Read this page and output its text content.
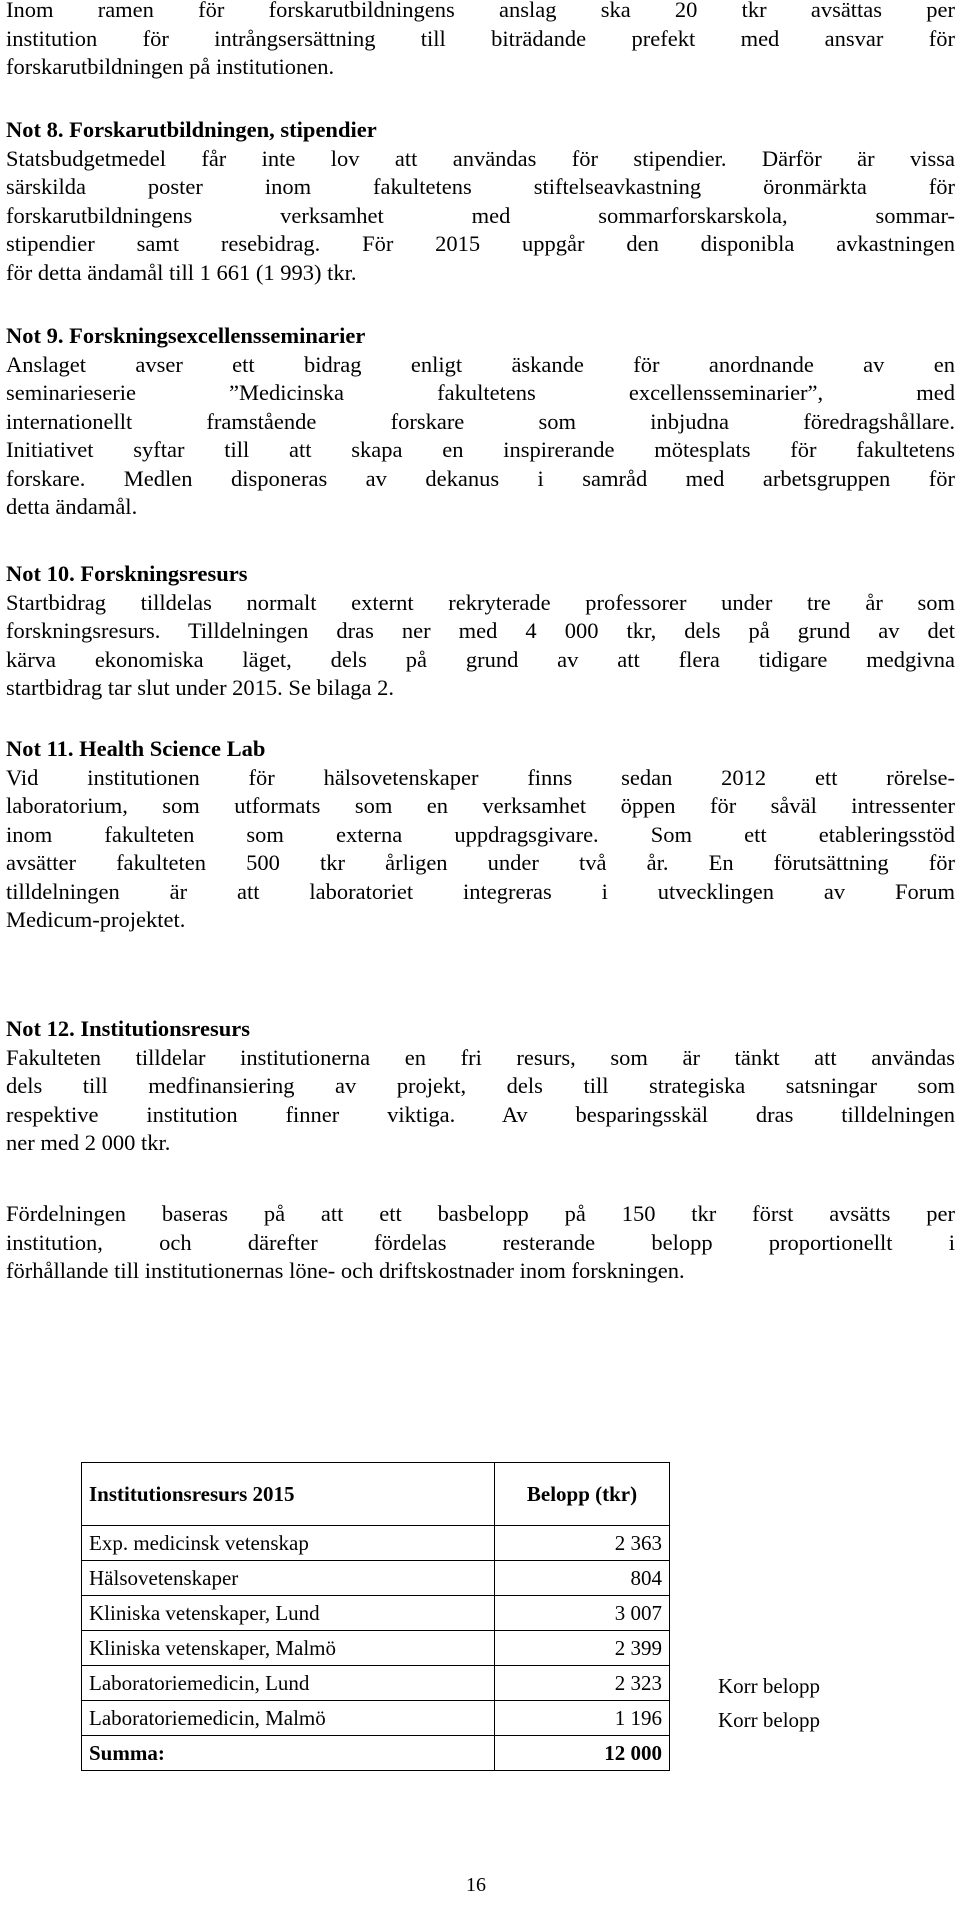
Inom ramen för forskarutbildningens anslag ska 20 tkr avsättas per
institution för intrångsersättning till biträdande prefekt med ansvar för
forskarutbildningen på institutionen.
Not 8. Forskarutbildningen, stipendier
Statsbudgetmedel får inte lov att användas för stipendier. Därför är vissa
särskilda poster inom fakultetens stiftelseavkastning öronmärkta för
forskarutbildningens verksamhet med sommarforskarskola, sommar-
stipendier samt resebidrag. För 2015 uppgår den disponibla avkastningen
för detta ändamål till 1 661 (1 993) tkr.
Not 9. Forskningsexcellensseminarier
Anslaget avser ett bidrag enligt äskande för anordnande av en
seminarieserie ”Medicinska fakultetens excellensseminarier”, med
internationellt framstående forskare som inbjudna föredragshållare.
Initiativet syftar till att skapa en inspirerande mötesplats för fakultetens
forskare. Medlen disponeras av dekanus i samråd med arbetsgruppen för
detta ändamål.
Not 10. Forskningsresurs
Startbidrag tilldelas normalt externt rekryterade professorer under tre år som
forskningsresurs. Tilldelningen dras ner med 4 000 tkr, dels på grund av det
kärva ekonomiska läget, dels på grund av att flera tidigare medgivna
startbidrag tar slut under 2015. Se bilaga 2.
Not 11. Health Science Lab
Vid institutionen för hälsovetenskaper finns sedan 2012 ett rörelse-
laboratorium, som utformats som en verksamhet öppen för såväl intressenter
inom fakulteten som externa uppdragsgivare. Som ett etableringsstöd
avsätter fakulteten 500 tkr årligen under två år. En förutsättning för
tilldelningen är att laboratoriet integreras i utvecklingen av Forum
Medicum-projektet.
Not 12. Institutionsresurs
Fakulteten tilldelar institutionerna en fri resurs, som är tänkt att användas
dels till medfinansiering av projekt, dels till strategiska satsningar som
respektive institution finner viktiga. Av besparingsskäl dras tilldelningen
ner med 2 000 tkr.
Fördelningen baseras på att ett basbelopp på 150 tkr först avsätts per
institution, och därefter fördelas resterande belopp proportionellt i
förhållande till institutionernas löne- och driftskostnader inom forskningen.
Institutionsresurs 2015	Belopp (tkr)
Exp. medicinsk vetenskap	2 363
Hälsovetenskaper	804
Kliniska vetenskaper, Lund	3 007
Kliniska vetenskaper, Malmö	2 399
Laboratoriemedicin, Lund	2 323
Laboratoriemedicin, Malmö	1 196
Summa:	12 000
Korr belopp
Korr belopp
16
